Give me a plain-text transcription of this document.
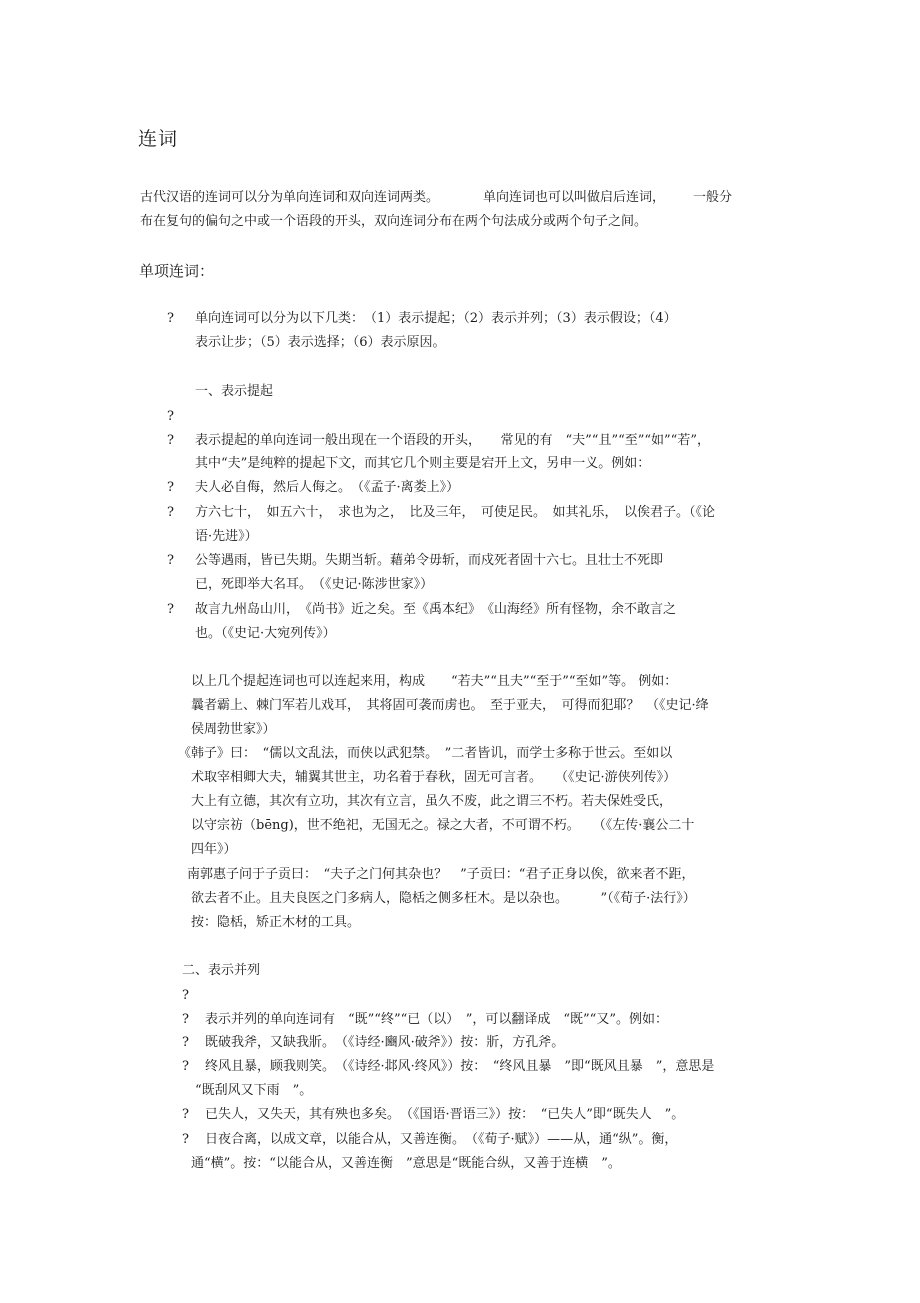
连词
古代汉语的连词可以分为单向连词和双向连词两类。	单向连词也可以叫做启后连词， 一般分
布在复句的偏句之中或一个语段的开头，双向连词分布在两个句法成分或两个句子之间。
单项连词：
? 单向连词可以分为以下几类：　（1）表示提起；（2）表示并列；（3）表示假设；（4）
表示让步；（5）表示选择；（6）表示原因。
一、表示提起
?
? 表示提起的单向连词一般出现在一个语段的开头，　　常见的有　“夫”“且”“至”“如”“若”，
其中“夫”是纯粹的提起下文，而其它几个则主要是宕开上文，另申一义。例如：
? 夫人必自侮，然后人侮之。　（《孟子·离娄上》）
? 方六七十，　如五六十，　求也为之，　比及三年，　可使足民。　如其礼乐，　以俟君子。（《论
语·先进》）
? 公等遇雨，皆已失期。失期当斩。藉弟令毋斩，而戍死者固十六七。且壮士不死即
已，死即举大名耳。　（《史记·陈涉世家》）
? 故言九州岛山川，　《尚书》近之矣。至《禹本纪》　《山海经》所有怪物，余不敢言之
也。（《史记·大宛列传》）
以上几个提起连词也可以连起来用，构成　　“若夫”“且夫”“至于”“至如”等。 例如：
曩者霸上、棘门军若儿戏耳，　其将固可袭而虏也。　至于亚夫，　可得而犯耶？　（《史记·绛
侯周勃世家》）
《韩子》曰：　“儒以文乱法，而侠以武犯禁。　”二者皆讥，而学士多称于世云。至如以
术取宰相卿大夫，辅翼其世主，功名着于春秋，固无可言者。　　（《史记·游侠列传》）
大上有立德，其次有立功，其次有立言，虽久不废，此之谓三不朽。若夫保姓受氏，
以守宗祊（bēng)，世不绝祀，无国无之。禄之大者，不可谓不朽。　　（《左传·襄公二十
四年》）
南郭惠子问于子贡曰：　“夫子之门何其杂也？　”子贡曰：“君子正身以俟，欲来者不距，
欲去者不止。且夫良医之门多病人，隐栝之侧多枉木。是以杂也。　　　”（《荀子·法行》）
按：隐栝，矫正木材的工具。
二、表示并列
?
? 表示并列的单向连词有　“既”“终”“已（以）　”，可以翻译成　“既”“又”。例如：
? 既破我斧，又缺我斨。　（《诗经·豳风·破斧》）按：斨，方孔斧。
? 终风且暴，顾我则笑。　（《诗经·邶风·终风》）按：　“终风且暴　”即“既风且暴　”，意思是
“既刮风又下雨　”。
? 已失人，又失天，其有殃也多矣。　（《国语·晋语三》）按：　“已失人”即“既失人　”。
? 日夜合离，以成文章，以能合从，又善连衡。　（《荀子·赋》）——从，通“纵”。衡，
通“横”。按：“以能合从，又善连衡　”意思是“既能合纵，又善于连横　”。
